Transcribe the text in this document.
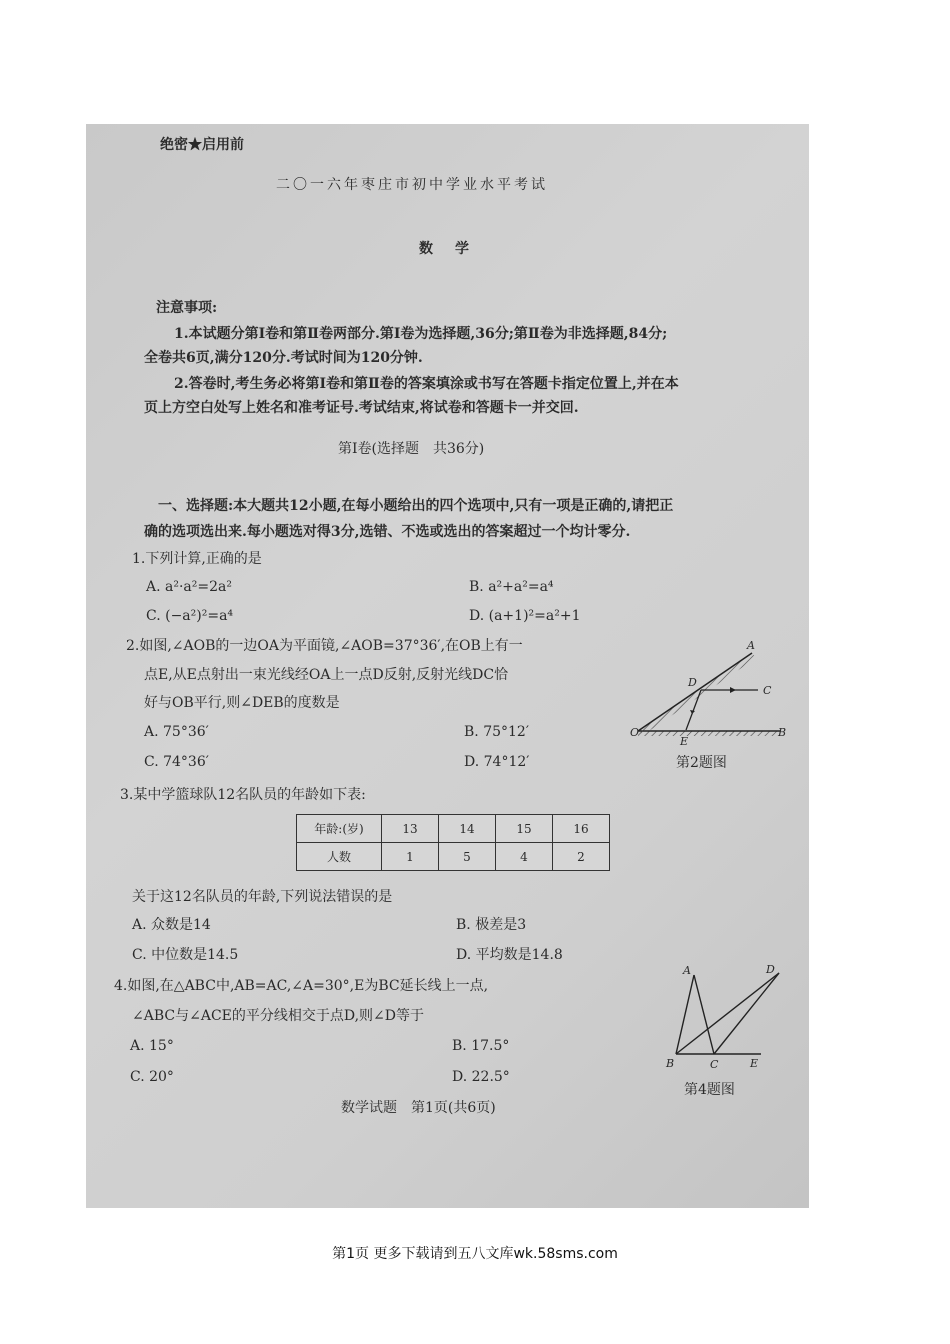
绝密★启用前
二〇一六年枣庄市初中学业水平考试
数学
注意事项:
1.本试题分第Ⅰ卷和第Ⅱ卷两部分.第Ⅰ卷为选择题,36分;第Ⅱ卷为非选择题,84分;
全卷共6页,满分120分.考试时间为120分钟.
2.答卷时,考生务必将第Ⅰ卷和第Ⅱ卷的答案填涂或书写在答题卡指定位置上,并在本
页上方空白处写上姓名和准考证号.考试结束,将试卷和答题卡一并交回.
第Ⅰ卷(选择题　共36分)
一、选择题:本大题共12小题,在每小题给出的四个选项中,只有一项是正确的,请把正
确的选项选出来.每小题选对得3分,选错、不选或选出的答案超过一个均计零分.
1.下列计算,正确的是
A. a²·a²=2a²	B. a²+a²=a⁴
C. (−a²)²=a⁴	D. (a+1)²=a²+1
2.如图,∠AOB的一边OA为平面镜,∠AOB=37°36′,在OB上有一
点E,从E点射出一束光线经OA上一点D反射,反射光线DC恰
好与OB平行,则∠DEB的度数是
A. 75°36′	B. 75°12′
C. 74°36′	D. 74°12′
A
D
C
O
E
B
第2题图
3.某中学篮球队12名队员的年龄如下表:
年龄:(岁)	13	14	15	16
人数	1	5	4	2
关于这12名队员的年龄,下列说法错误的是
A. 众数是14	B. 极差是3
C. 中位数是14.5	D. 平均数是14.8
4.如图,在△ABC中,AB=AC,∠A=30°,E为BC延长线上一点,
∠ABC与∠ACE的平分线相交于点D,则∠D等于
A. 15°	B. 17.5°
C. 20°	D. 22.5°
A	D
B	C	E
第4题图
数学试题　第1页(共6页)
第1页 更多下载请到五八文库wk.58sms.com
